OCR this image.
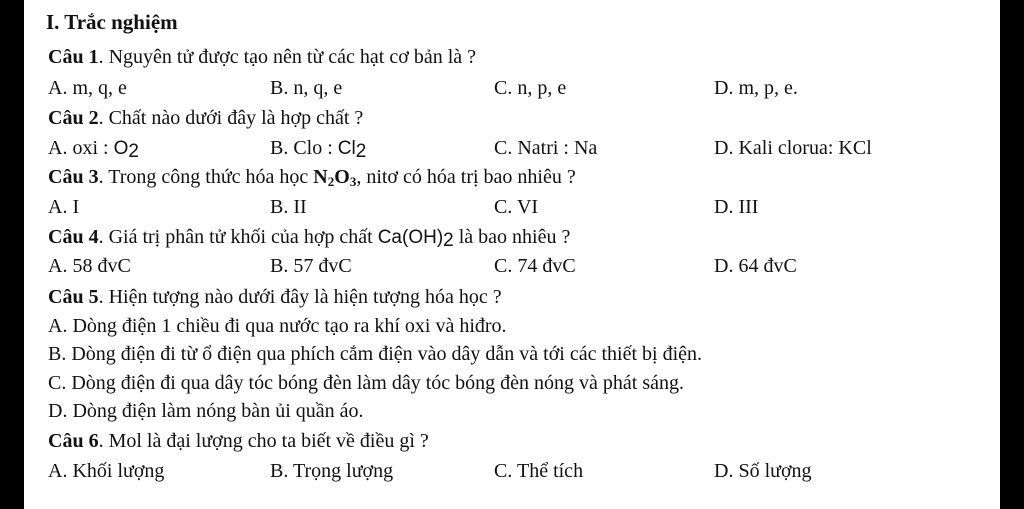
I. Trắc nghiệm
Câu 1. Nguyên tử được tạo nên từ các hạt cơ bản là ?
A. m, q, e	B. n, q, e	C. n, p, e	D. m, p, e.
Câu 2. Chất nào dưới đây là hợp chất ?
A. oxi : $O_2$	B. Clo : $Cl_2$	C. Natri : Na	D. Kali clorua: KCl
Câu 3. Trong công thức hóa học $N_2O_3$, nitơ có hóa trị bao nhiêu ?
A. I	B. II	C. VI	D. III
Câu 4. Giá trị phân tử khối của hợp chất $Ca(OH)_2$ là bao nhiêu ?
A. 58 đvC	B. 57 đvC	C. 74 đvC	D. 64 đvC
Câu 5. Hiện tượng nào dưới đây là hiện tượng hóa học ?
A. Dòng điện 1 chiều đi qua nước tạo ra khí oxi và hiđro.
B. Dòng điện đi từ ổ điện qua phích cắm điện vào dây dẫn và tới các thiết bị điện.
C. Dòng điện đi qua dây tóc bóng đèn làm dây tóc bóng đèn nóng và phát sáng.
D. Dòng điện làm nóng bàn ủi quần áo.
Câu 6. Mol là đại lượng cho ta biết về điều gì ?
A. Khối lượng	B. Trọng lượng	C. Thể tích	D. Số lượng
